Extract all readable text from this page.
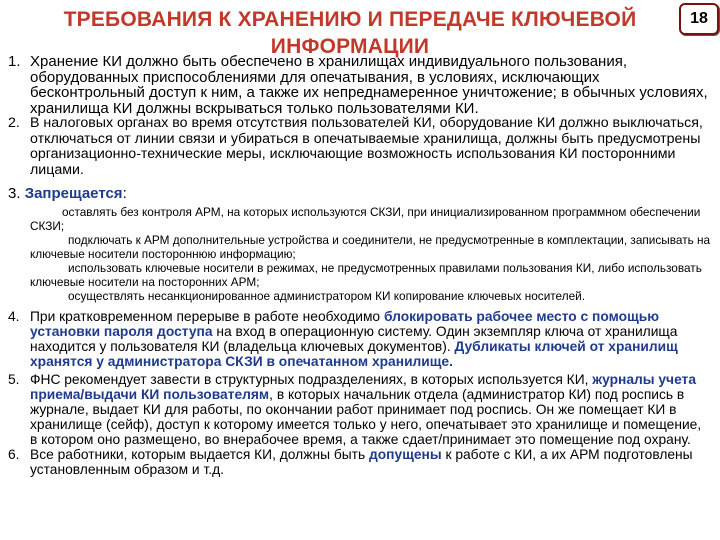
ТРЕБОВАНИЯ К ХРАНЕНИЮ И ПЕРЕДАЧЕ КЛЮЧЕВОЙ
ИНФОРМАЦИИ
18
1. Хранение КИ должно быть обеспечено в хранилищах индивидуального пользования, оборудованных приспособлениями для опечатывания, в условиях, исключающих бесконтрольный доступ к ним, а также их непреднамеренное уничтожение; в обычных условиях, хранилища КИ должны вскрываться только пользователями КИ.
2. В налоговых органах во время отсутствия пользователей КИ, оборудование КИ должно выключаться, отключаться от линии связи и убираться в опечатываемые хранилища, должны быть предусмотрены организационно-технические меры, исключающие возможность использования КИ посторонними лицами.
3. Запрещается:

оставлять без контроля АРМ, на которых используются СКЗИ, при инициализированном программном обеспечении СКЗИ;

подключать к АРМ дополнительные устройства и соединители, не предусмотренные в комплектации, записывать на ключевые носители постороннюю информацию;

использовать ключевые носители в режимах, не предусмотренных правилами пользования КИ, либо использовать ключевые носители на посторонних АРМ;

осуществлять несанкционированное администратором КИ копирование ключевых носителей.

4. При кратковременном перерыве в работе необходимо блокировать рабочее место с помощью установки пароля доступа на вход в операционную систему. Один экземпляр ключа от хранилища находится у пользователя КИ (владельца ключевых документов). Дубликаты ключей от хранилищ хранятся у администратора СКЗИ в опечатанном хранилище.
5. ФНС рекомендует завести в структурных подразделениях, в которых используется КИ, журналы учета приема/выдачи КИ пользователям, в которых начальник отдела (администратор КИ) под роспись в журнале, выдает КИ для работы, по окончании работ принимает под роспись. Он же помещает КИ в хранилище (сейф), доступ к которому имеется только у него, опечатывает это хранилище и помещение, в котором оно размещено, во внерабочее время, а также сдает/принимает это помещение под охрану.
6. Все работники, которым выдается КИ, должны быть допущены к работе с КИ, а их АРМ подготовлены установленным образом и т.д.
